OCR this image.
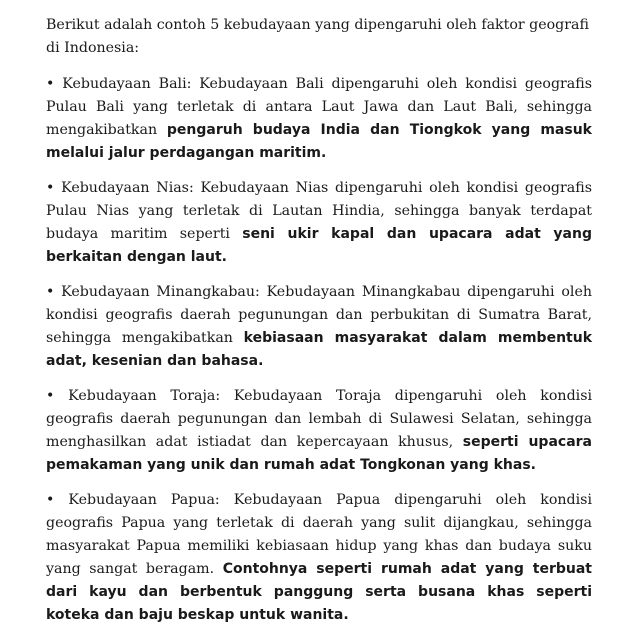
Berikut adalah contoh 5 kebudayaan yang dipengaruhi oleh faktor geografi di Indonesia:

• Kebudayaan Bali: Kebudayaan Bali dipengaruhi oleh kondisi geografis Pulau Bali yang terletak di antara Laut Jawa dan Laut Bali, sehingga mengakibatkan pengaruh budaya India dan Tiongkok yang masuk melalui jalur perdagangan maritim.

• Kebudayaan Nias: Kebudayaan Nias dipengaruhi oleh kondisi geografis Pulau Nias yang terletak di Lautan Hindia, sehingga banyak terdapat budaya maritim seperti seni ukir kapal dan upacara adat yang berkaitan dengan laut.

• Kebudayaan Minangkabau: Kebudayaan Minangkabau dipengaruhi oleh kondisi geografis daerah pegunungan dan perbukitan di Sumatra Barat, sehingga mengakibatkan kebiasaan masyarakat dalam membentuk adat, kesenian dan bahasa.

• Kebudayaan Toraja: Kebudayaan Toraja dipengaruhi oleh kondisi geografis daerah pegunungan dan lembah di Sulawesi Selatan, sehingga menghasilkan adat istiadat dan kepercayaan khusus, seperti upacara pemakaman yang unik dan rumah adat Tongkonan yang khas.

• Kebudayaan Papua: Kebudayaan Papua dipengaruhi oleh kondisi geografis Papua yang terletak di daerah yang sulit dijangkau, sehingga masyarakat Papua memiliki kebiasaan hidup yang khas dan budaya suku yang sangat beragam. Contohnya seperti rumah adat yang terbuat dari kayu dan berbentuk panggung serta busana khas seperti koteka dan baju beskap untuk wanita.
